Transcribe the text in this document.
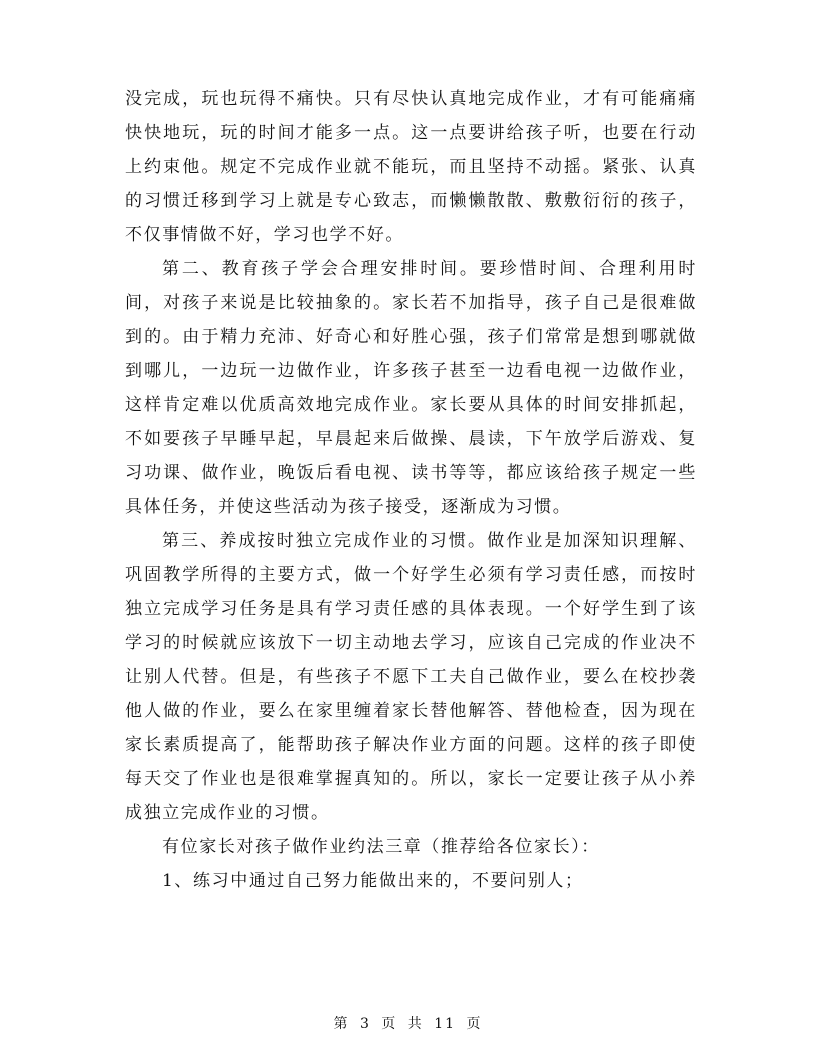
没完成，玩也玩得不痛快。只有尽快认真地完成作业，才有可能痛痛快快地玩，玩的时间才能多一点。这一点要讲给孩子听，也要在行动上约束他。规定不完成作业就不能玩，而且坚持不动摇。紧张、认真的习惯迁移到学习上就是专心致志，而懒懒散散、敷敷衍衍的孩子，不仅事情做不好，学习也学不好。

第二、教育孩子学会合理安排时间。要珍惜时间、合理利用时间，对孩子来说是比较抽象的。家长若不加指导，孩子自己是很难做到的。由于精力充沛、好奇心和好胜心强，孩子们常常是想到哪就做到哪儿，一边玩一边做作业，许多孩子甚至一边看电视一边做作业，这样肯定难以优质高效地完成作业。家长要从具体的时间安排抓起，不如要孩子早睡早起，早晨起来后做操、晨读，下午放学后游戏、复习功课、做作业，晚饭后看电视、读书等等，都应该给孩子规定一些具体任务，并使这些活动为孩子接受，逐渐成为习惯。

第三、养成按时独立完成作业的习惯。做作业是加深知识理解、巩固教学所得的主要方式，做一个好学生必须有学习责任感，而按时独立完成学习任务是具有学习责任感的具体表现。一个好学生到了该学习的时候就应该放下一切主动地去学习，应该自己完成的作业决不让别人代替。但是，有些孩子不愿下工夫自己做作业，要么在校抄袭他人做的作业，要么在家里缠着家长替他解答、替他检查，因为现在家长素质提高了，能帮助孩子解决作业方面的问题。这样的孩子即使每天交了作业也是很难掌握真知的。所以，家长一定要让孩子从小养成独立完成作业的习惯。

有位家长对孩子做作业约法三章（推荐给各位家长）：

1、练习中通过自己努力能做出来的，不要问别人；

第 3 页 共 11 页
